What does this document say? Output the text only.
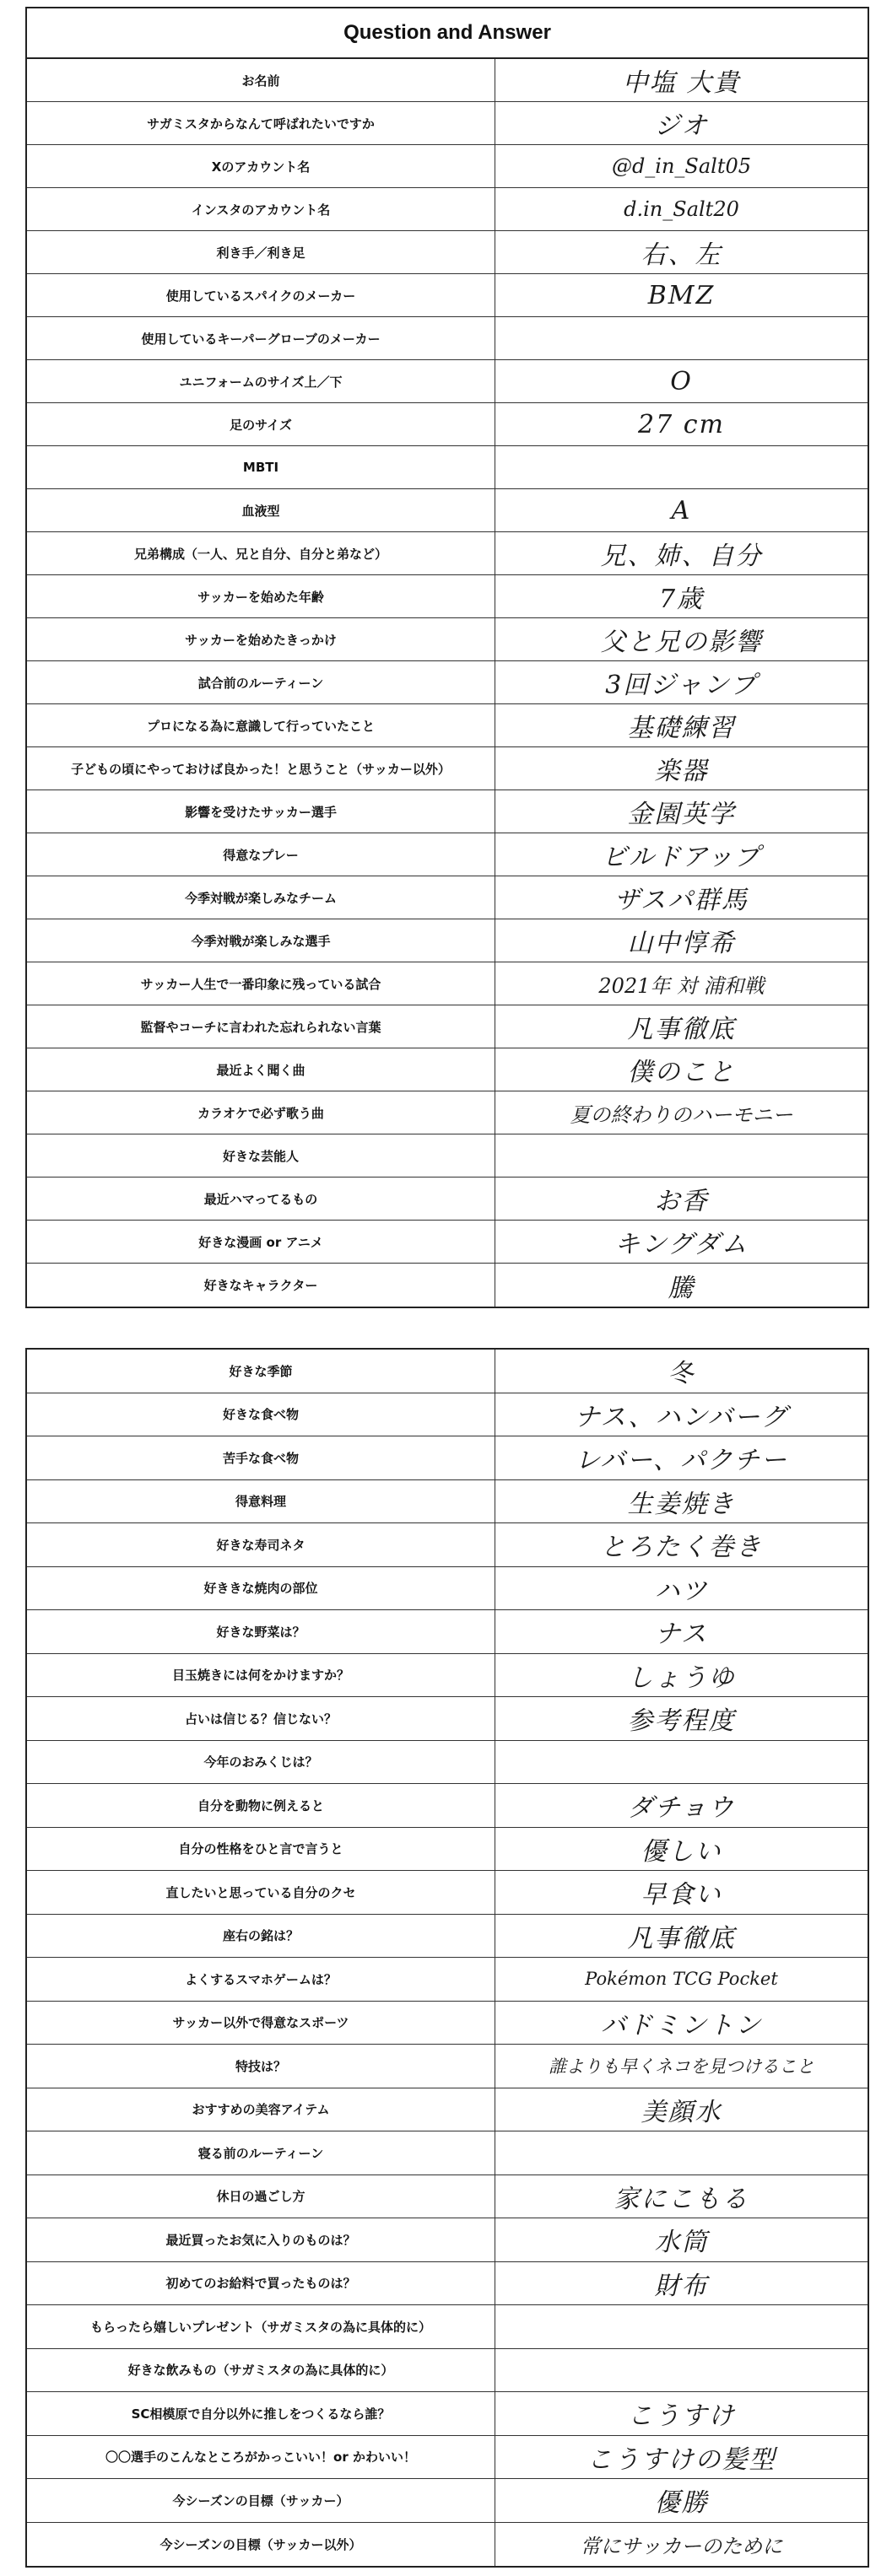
Question and Answer
お名前	中塩 大貴
サガミスタからなんて呼ばれたいですか	ジオ
Xのアカウント名	@d_in_Salt05
インスタのアカウント名	d.in_Salt20
利き手／利き足	右、左
使用しているスパイクのメーカー	BMZ
使用しているキーパーグローブのメーカー
ユニフォームのサイズ上／下	O
足のサイズ	27 cm
MBTI
血液型	A
兄弟構成（一人、兄と自分、自分と弟など）	兄、姉、自分
サッカーを始めた年齢	7歳
サッカーを始めたきっかけ	父と兄の影響
試合前のルーティーン	3回ジャンプ
プロになる為に意識して行っていたこと	基礎練習
子どもの頃にやっておけば良かった！と思うこと（サッカー以外）	楽器
影響を受けたサッカー選手	金園英学
得意なプレー	ビルドアップ
今季対戦が楽しみなチーム	ザスパ群馬
今季対戦が楽しみな選手	山中惇希
サッカー人生で一番印象に残っている試合	2021年 対 浦和戦
監督やコーチに言われた忘れられない言葉	凡事徹底
最近よく聞く曲	僕のこと
カラオケで必ず歌う曲	夏の終わりのハーモニー
好きな芸能人
最近ハマってるもの	お香
好きな漫画 or アニメ	キングダム
好きなキャラクター	騰
好きな季節	冬
好きな食べ物	ナス、ハンバーグ
苦手な食べ物	レバー、パクチー
得意料理	生姜焼き
好きな寿司ネタ	とろたく巻き
好ききな焼肉の部位	ハツ
好きな野菜は？	ナス
目玉焼きには何をかけますか？	しょうゆ
占いは信じる？信じない？	参考程度
今年のおみくじは？
自分を動物に例えると	ダチョウ
自分の性格をひと言で言うと	優しい
直したいと思っている自分のクセ	早食い
座右の銘は？	凡事徹底
よくするスマホゲームは？	Pokémon TCG Pocket
サッカー以外で得意なスポーツ	バドミントン
特技は？	誰よりも早くネコを見つけること
おすすめの美容アイテム	美顔水
寝る前のルーティーン
休日の過ごし方	家にこもる
最近買ったお気に入りのものは？	水筒
初めてのお給料で買ったものは？	財布
もらったら嬉しいプレゼント（サガミスタの為に具体的に）
好きな飲みもの（サガミスタの為に具体的に）
SC相模原で自分以外に推しをつくるなら誰？	こうすけ
〇〇選手のこんなところがかっこいい！or かわいい！	こうすけの髪型
今シーズンの目標（サッカー）	優勝
今シーズンの目標（サッカー以外）	常にサッカーのために
